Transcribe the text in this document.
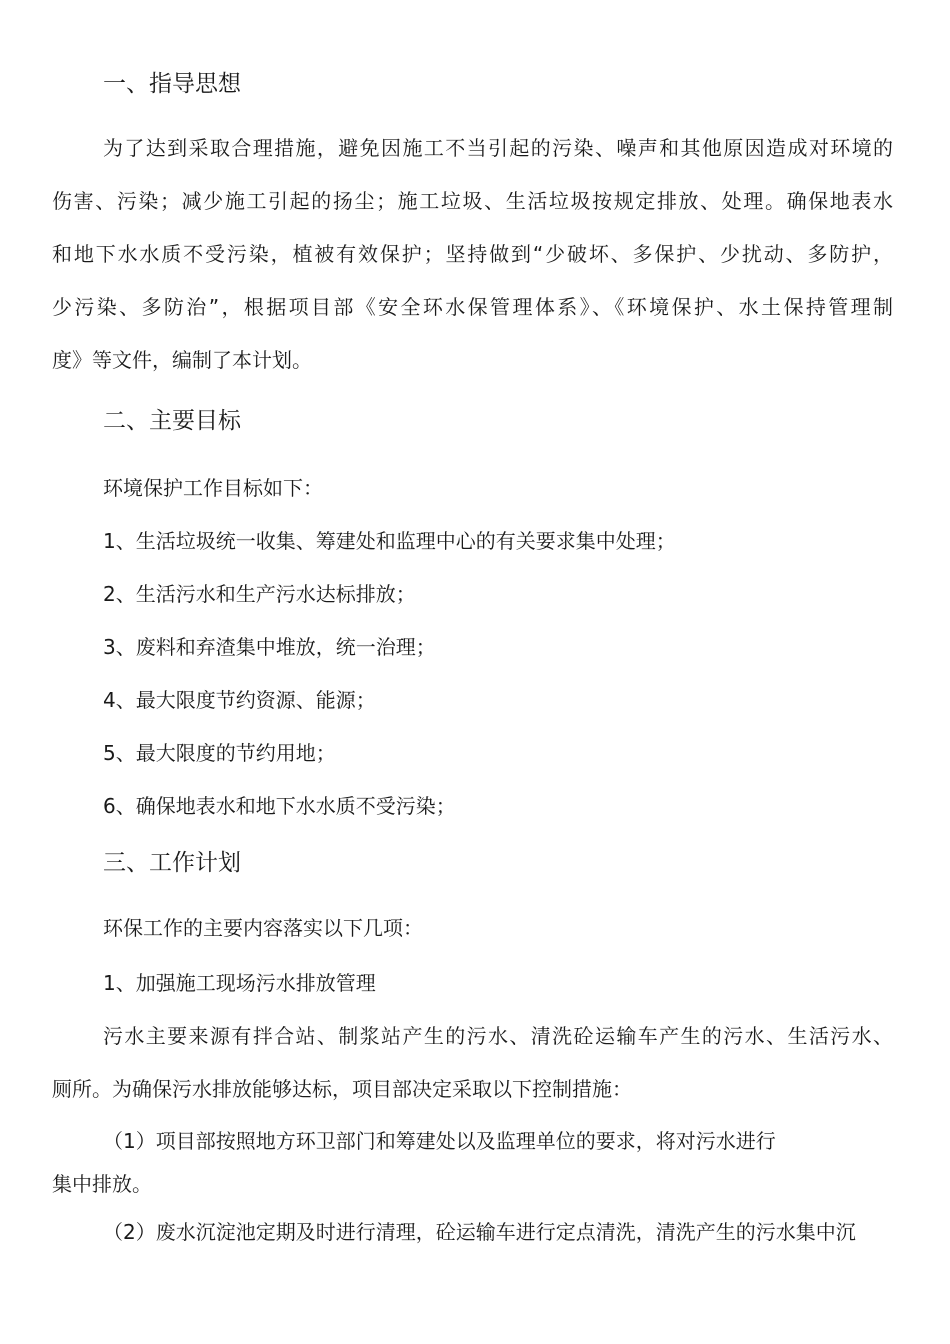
一、指导思想

为了达到采取合理措施，避免因施工不当引起的污染、噪声和其他原因造成对环境的

伤害、污染；减少施工引起的扬尘；施工垃圾、生活垃圾按规定排放、处理。确保地表水

和地下水水质不受污染，植被有效保护；坚持做到“少破坏、多保护、少扰动、多防护，

少污染、多防治”，根据项目部《安全环水保管理体系》、《环境保护、水土保持管理制

度》等文件，编制了本计划。

二、主要目标

环境保护工作目标如下：

1、生活垃圾统一收集、筹建处和监理中心的有关要求集中处理；

2、生活污水和生产污水达标排放；

3、废料和弃渣集中堆放，统一治理；

4、最大限度节约资源、能源；

5、最大限度的节约用地；

6、确保地表水和地下水水质不受污染；

三、工作计划

环保工作的主要内容落实以下几项：

1、加强施工现场污水排放管理

污水主要来源有拌合站、制浆站产生的污水、清洗砼运输车产生的污水、生活污水、

厕所。为确保污水排放能够达标，项目部决定采取以下控制措施：

（1）项目部按照地方环卫部门和筹建处以及监理单位的要求，将对污水进行

集中排放。

（2）废水沉淀池定期及时进行清理，砼运输车进行定点清洗，清洗产生的污水集中沉
